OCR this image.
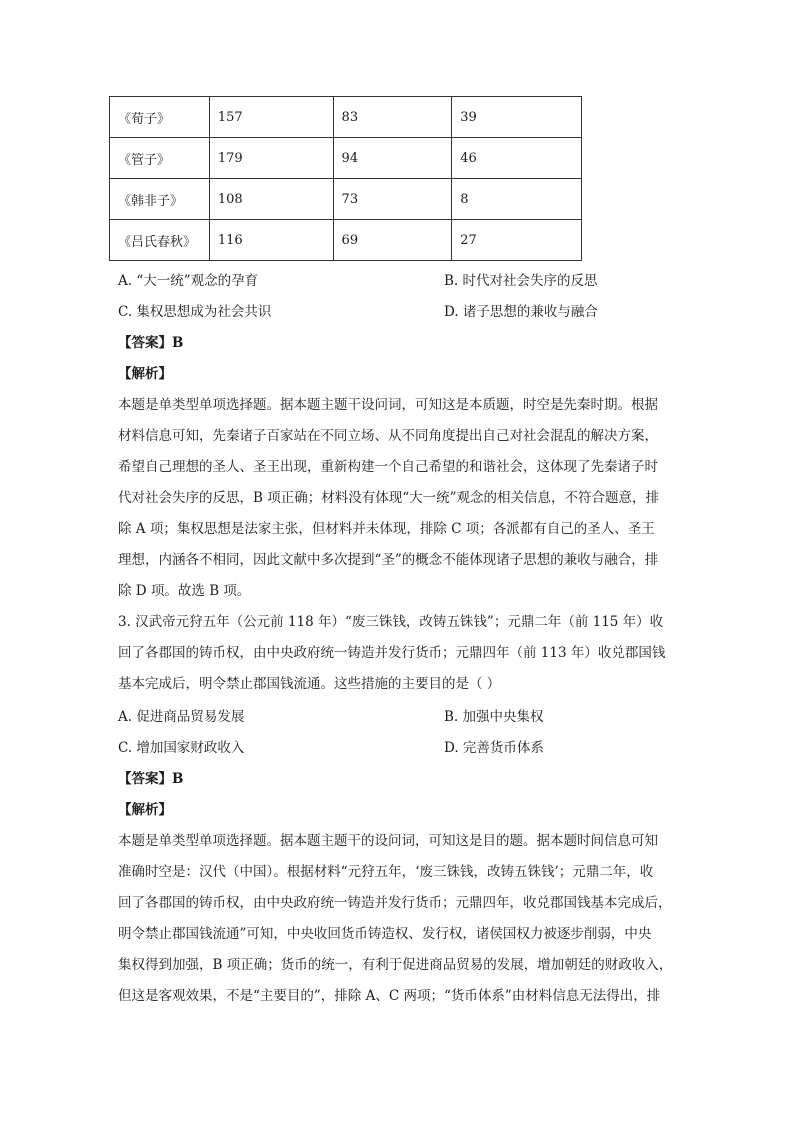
《荀子》	157	83	39
《管子》	179	94	46
《韩非子》	108	73	8
《吕氏春秋》	116	69	27
A. “大一统”观念的孕育	B. 时代对社会失序的反思
C. 集权思想成为社会共识	D. 诸子思想的兼收与融合
【答案】B
【解析】
本题是单类型单项选择题。据本题主题干设问词，可知这是本质题，时空是先秦时期。根据
材料信息可知，先秦诸子百家站在不同立场、从不同角度提出自己对社会混乱的解决方案，
希望自己理想的圣人、圣王出现，重新构建一个自己希望的和谐社会，这体现了先秦诸子时
代对社会失序的反思，B 项正确；材料没有体现“大一统”观念的相关信息，不符合题意，排
除 A 项；集权思想是法家主张，但材料并未体现，排除 C 项；各派都有自己的圣人、圣王
理想，内涵各不相同，因此文献中多次提到“圣”的概念不能体现诸子思想的兼收与融合，排
除 D 项。故选 B 项。
3. 汉武帝元狩五年（公元前 118 年）“废三铢钱，改铸五铢钱”；元鼎二年（前 115 年）收
回了各郡国的铸币权，由中央政府统一铸造并发行货币；元鼎四年（前 113 年）收兑郡国钱
基本完成后，明令禁止郡国钱流通。这些措施的主要目的是（ ）
A. 促进商品贸易发展	B. 加强中央集权
C. 增加国家财政收入	D. 完善货币体系
【答案】B
【解析】
本题是单类型单项选择题。据本题主题干的设问词，可知这是目的题。据本题时间信息可知
准确时空是：汉代（中国）。根据材料“元狩五年，‘废三铢钱，改铸五铢钱’；元鼎二年，收
回了各郡国的铸币权，由中央政府统一铸造并发行货币；元鼎四年，收兑郡国钱基本完成后，
明令禁止郡国钱流通”可知，中央收回货币铸造权、发行权，诸侯国权力被逐步削弱，中央
集权得到加强，B 项正确；货币的统一，有利于促进商品贸易的发展，增加朝廷的财政收入，
但这是客观效果，不是“主要目的”，排除 A、C 两项；“货币体系”由材料信息无法得出，排
